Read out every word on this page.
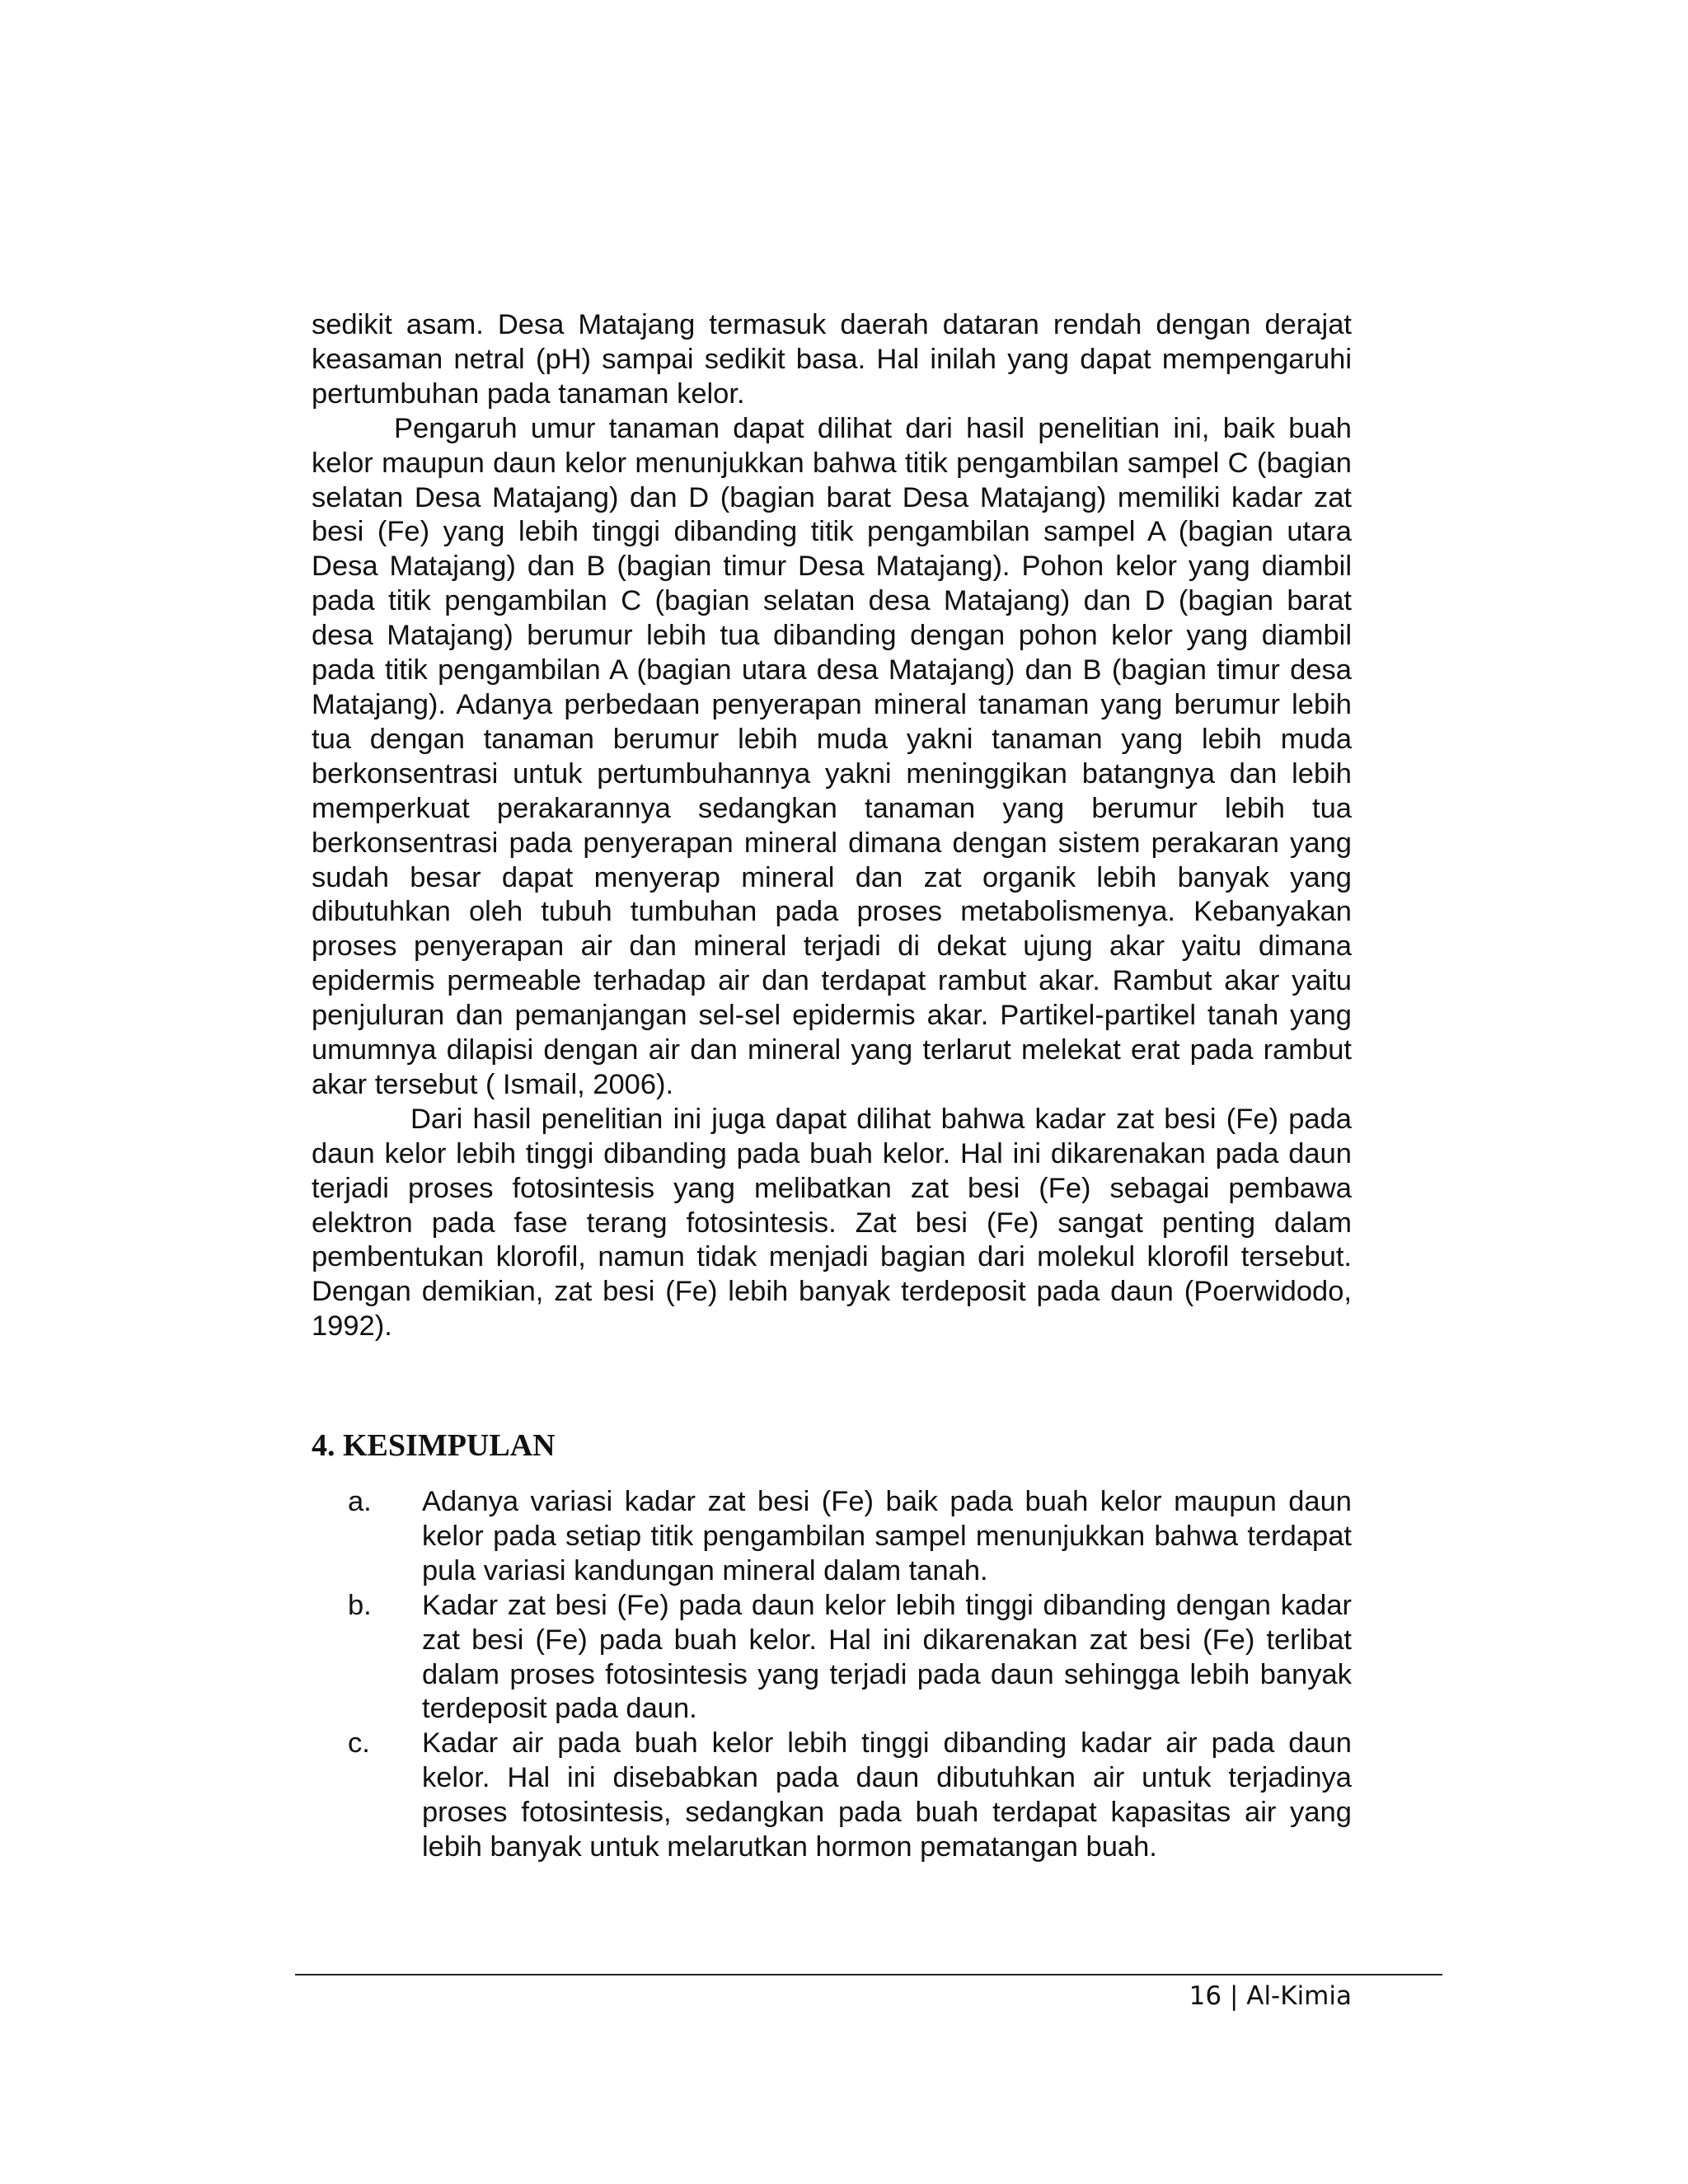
sedikit asam. Desa Matajang termasuk daerah dataran rendah dengan derajat keasaman netral (pH) sampai sedikit basa. Hal inilah yang dapat mempengaruhi pertumbuhan pada tanaman kelor.

Pengaruh umur tanaman dapat dilihat dari hasil penelitian ini, baik buah kelor maupun daun kelor menunjukkan bahwa titik pengambilan sampel C (bagian selatan Desa Matajang) dan D (bagian barat Desa Matajang) memiliki kadar zat besi (Fe) yang lebih tinggi dibanding titik pengambilan sampel A (bagian utara Desa Matajang) dan B (bagian timur Desa Matajang). Pohon kelor yang diambil pada titik pengambilan C (bagian selatan desa Matajang) dan D (bagian barat desa Matajang) berumur lebih tua dibanding dengan pohon kelor yang diambil pada titik pengambilan A (bagian utara desa Matajang) dan B (bagian timur desa Matajang). Adanya perbedaan penyerapan mineral tanaman yang berumur lebih tua dengan tanaman berumur lebih muda yakni tanaman yang lebih muda berkonsentrasi untuk pertumbuhannya yakni meninggikan batangnya dan lebih memperkuat perakarannya sedangkan tanaman yang berumur lebih tua berkonsentrasi pada penyerapan mineral dimana dengan sistem perakaran yang sudah besar dapat menyerap mineral dan zat organik lebih banyak yang dibutuhkan oleh tubuh tumbuhan pada proses metabolismenya. Kebanyakan proses penyerapan air dan mineral terjadi di dekat ujung akar yaitu dimana epidermis permeable terhadap air dan terdapat rambut akar. Rambut akar yaitu penjuluran dan pemanjangan sel-sel epidermis akar. Partikel-partikel tanah yang umumnya dilapisi dengan air dan mineral yang terlarut melekat erat pada rambut akar tersebut ( Ismail, 2006).

Dari hasil penelitian ini juga dapat dilihat bahwa kadar zat besi (Fe) pada daun kelor lebih tinggi dibanding pada buah kelor. Hal ini dikarenakan pada daun terjadi proses fotosintesis yang melibatkan zat besi (Fe) sebagai pembawa elektron pada fase terang fotosintesis. Zat besi (Fe) sangat penting dalam pembentukan klorofil, namun tidak menjadi bagian dari molekul klorofil tersebut. Dengan demikian, zat besi (Fe) lebih banyak terdeposit pada daun (Poerwidodo, 1992).

4. KESIMPULAN
a. Adanya variasi kadar zat besi (Fe) baik pada buah kelor maupun daun kelor pada setiap titik pengambilan sampel menunjukkan bahwa terdapat pula variasi kandungan mineral dalam tanah.
b. Kadar zat besi (Fe) pada daun kelor lebih tinggi dibanding dengan kadar zat besi (Fe) pada buah kelor. Hal ini dikarenakan zat besi (Fe) terlibat dalam proses fotosintesis yang terjadi pada daun sehingga lebih banyak terdeposit pada daun.
c. Kadar air pada buah kelor lebih tinggi dibanding kadar air pada daun kelor. Hal ini disebabkan pada daun dibutuhkan air untuk terjadinya proses fotosintesis, sedangkan pada buah terdapat kapasitas air yang lebih banyak untuk melarutkan hormon pematangan buah.
16 | Al-Kimia
